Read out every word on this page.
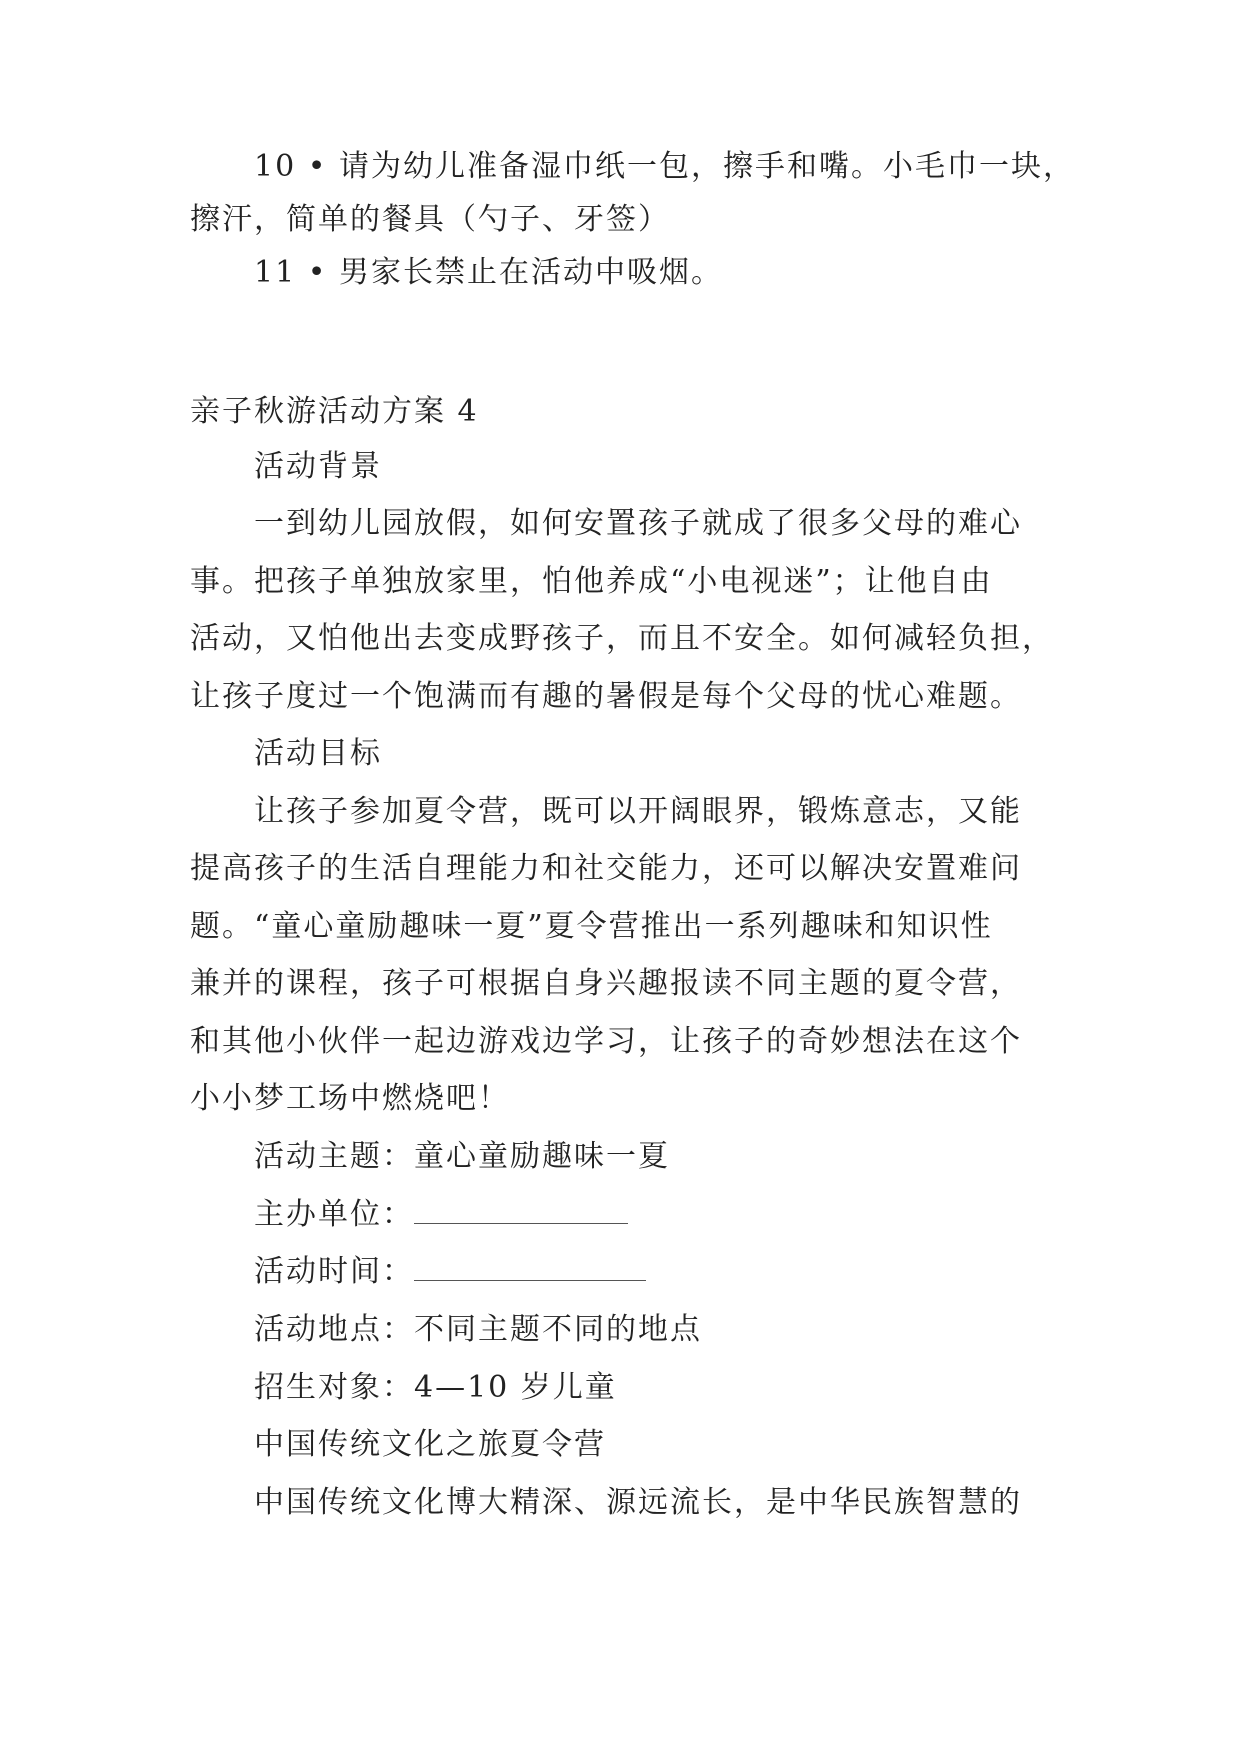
10 • 请为幼儿准备湿巾纸一包，擦手和嘴。小毛巾一块，
擦汗，简单的餐具（勺子、牙签）
11 • 男家长禁止在活动中吸烟。
亲子秋游活动方案 4
活动背景
一到幼儿园放假，如何安置孩子就成了很多父母的难心
事。把孩子单独放家里，怕他养成“小电视迷”；让他自由
活动，又怕他出去变成野孩子，而且不安全。如何减轻负担，
让孩子度过一个饱满而有趣的暑假是每个父母的忧心难题。
活动目标
让孩子参加夏令营，既可以开阔眼界，锻炼意志，又能
提高孩子的生活自理能力和社交能力，还可以解决安置难问
题。“童心童励趣味一夏”夏令营推出一系列趣味和知识性
兼并的课程，孩子可根据自身兴趣报读不同主题的夏令营，
和其他小伙伴一起边游戏边学习，让孩子的奇妙想法在这个
小小梦工场中燃烧吧！
活动主题：童心童励趣味一夏
主办单位：
活动时间：
活动地点：不同主题不同的地点
招生对象：4—10 岁儿童
中国传统文化之旅夏令营
中国传统文化博大精深、源远流长，是中华民族智慧的
